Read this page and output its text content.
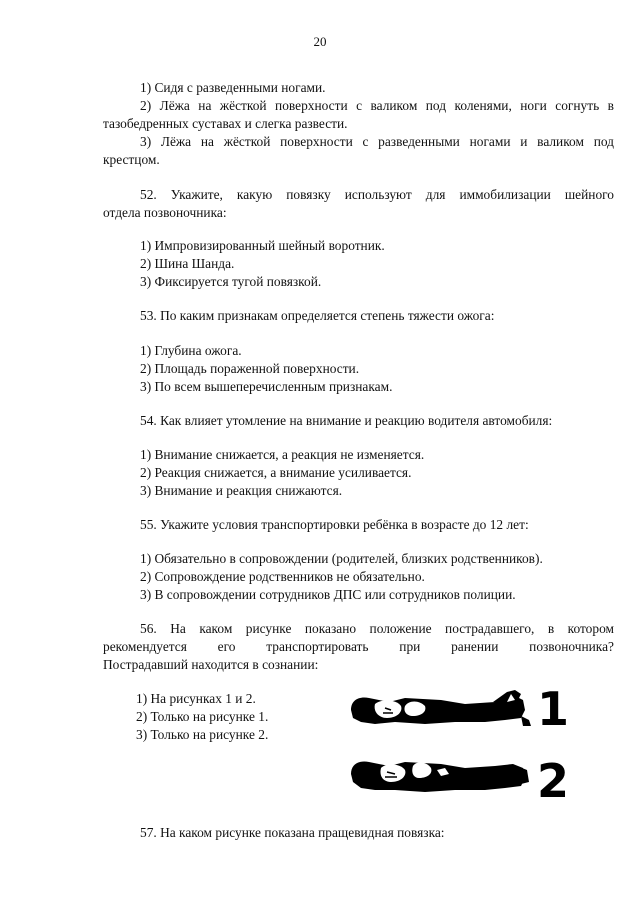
20
1) Сидя с разведенными ногами.
2) Лёжа на жёсткой поверхности с валиком под коленями, ноги согнуть в
тазобедренных суставах и слегка развести.
3) Лёжа на жёсткой поверхности с разведенными ногами и валиком под
крестцом.
52. Укажите, какую повязку используют для иммобилизации шейного
отдела позвоночника:
1) Импровизированный шейный воротник.
2) Шина Шанда.
3) Фиксируется тугой повязкой.
53. По каким признакам определяется степень тяжести ожога:
1) Глубина ожога.
2) Площадь пораженной поверхности.
3) По всем вышеперечисленным признакам.
54. Как влияет утомление на внимание и реакцию водителя автомобиля:
1) Внимание снижается, а реакция не изменяется.
2) Реакция снижается, а внимание усиливается.
3) Внимание и реакция снижаются.
55. Укажите условия транспортировки ребёнка в возрасте до 12 лет:
1) Обязательно в сопровождении (родителей, близких родственников).
2) Сопровождение родственников не обязательно.
3) В сопровождении сотрудников ДПС или сотрудников полиции.
56. На каком рисунке показано положение пострадавшего, в котором
рекомендуется его транспортировать при ранении позвоночника?
Пострадавший находится в сознании:
1) На рисунках 1 и 2.
2) Только на рисунке 1.
3) Только на рисунке 2.	1
2
57. На каком рисунке показана пращевидная повязка:
